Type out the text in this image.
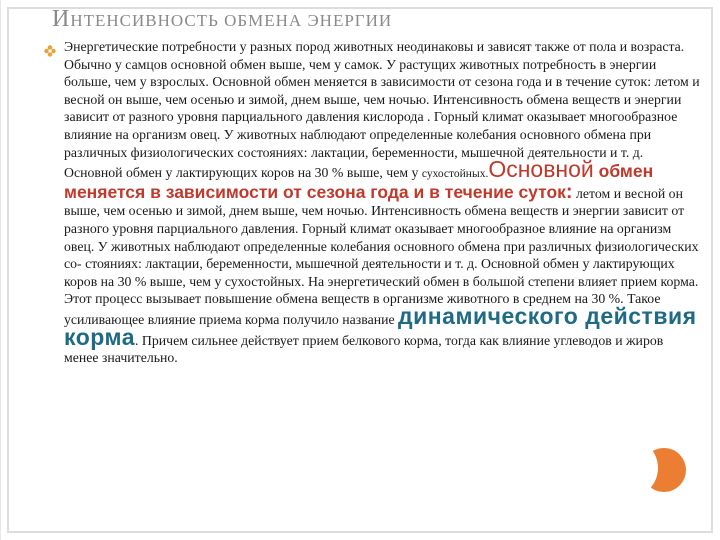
ИНТЕНСИВНОСТЬ ОБМЕНА ЭНЕРГИИ
Энергетические потребности у разных пород животных неодинаковы и зависят также от пола и возраста. Обычно у самцов основной обмен выше, чем у самок. У растущих животных потребность в энергии больше, чем у взрослых. Основной обмен меняется в зависимости от сезона года и в течение суток: летом и весной он выше, чем осенью и зимой, днем выше, чем ночью. Интенсивность обмена веществ и энергии зависит от разного уровня парциального давления кислорода . Горный климат оказывает многообразное влияние на организм овец. У животных наблюдают определенные колебания основного обмена при различных физиологических состояниях: лактации, беременности, мышечной деятельности и т. д. Основной обмен у лактирующих коров на 30 % выше, чем у сухостойных.Основной обмен меняется в зависимости от сезона года и в течение суток: летом и весной он выше, чем осенью и зимой, днем выше, чем ночью. Интенсивность обмена веществ и энергии зависит от разного уровня парциального давления. Горный климат оказывает многообразное влияние на организм овец. У животных наблюдают определенные колебания основного обмена при различных физиологических со- стояниях: лактации, беременности, мышечной деятельности и т. д. Основной обмен у лактирующих коров на 30 % выше, чем у сухостойных. На энергетический обмен в большой степени влияет прием корма. Этот процесс вызывает повышение обмена веществ в организме животного в среднем на 30 %. Такое усиливающее влияние приема корма получило название динамического действия корма. Причем сильнее действует прием белкового корма, тогда как влияние углеводов и жиров менее значительно.
